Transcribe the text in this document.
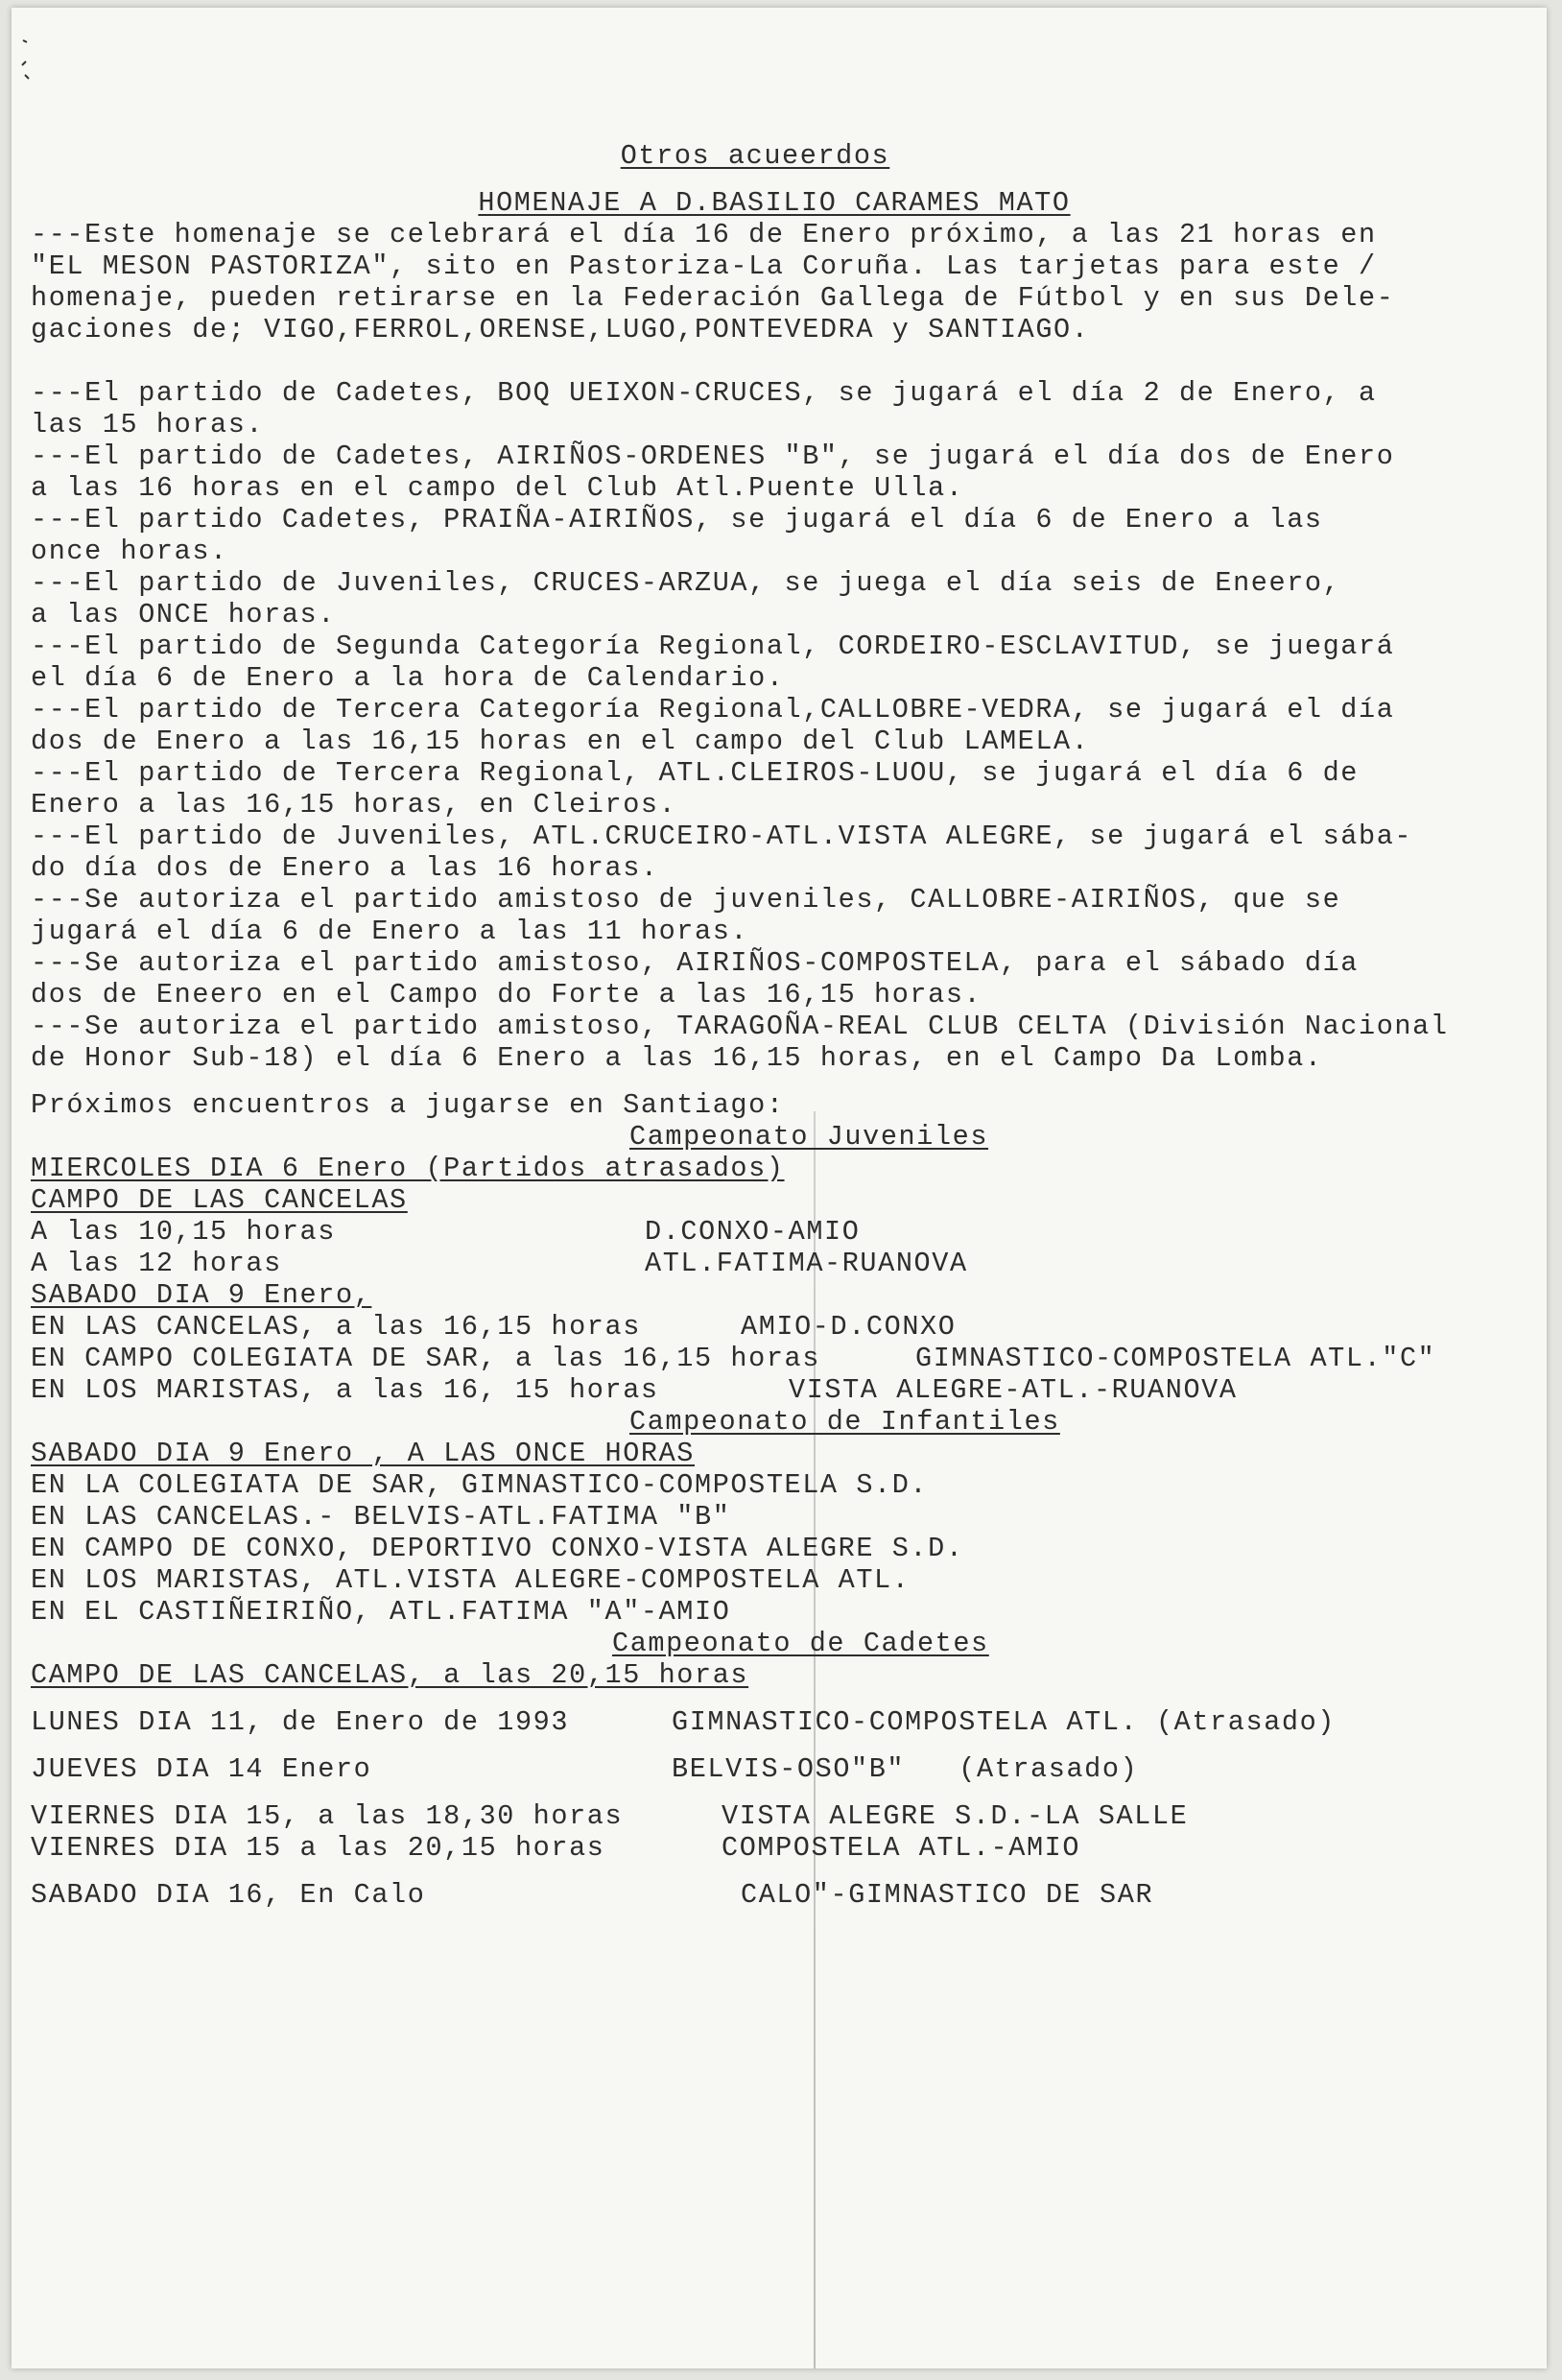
Otros acueerdos
HOMENAJE A D.BASILIO CARAMES MATO
---Este homenaje se celebrará el día 16 de Enero próximo, a las 21 horas en
"EL MESON PASTORIZA", sito en Pastoriza-La Coruña. Las tarjetas para este /
homenaje, pueden retirarse en la Federación Gallega de Fútbol y en sus Dele-
gaciones de; VIGO,FERROL,ORENSE,LUGO,PONTEVEDRA y SANTIAGO.
---El partido de Cadetes, BOQ UEIXON-CRUCES, se jugará el día 2 de Enero, a
las 15 horas.
---El partido de Cadetes, AIRIÑOS-ORDENES "B", se jugará el día dos de Enero
a las 16 horas en el campo del Club Atl.Puente Ulla.
---El partido Cadetes, PRAIÑA-AIRIÑOS, se jugará el día 6 de Enero a las
once horas.
---El partido de Juveniles, CRUCES-ARZUA, se juega el día seis de Eneero,
a las ONCE horas.
---El partido de Segunda Categoría Regional, CORDEIRO-ESCLAVITUD, se juegará
el día 6 de Enero a la hora de Calendario.
---El partido de Tercera Categoría Regional,CALLOBRE-VEDRA, se jugará el día
dos de Enero a las 16,15 horas en el campo del Club LAMELA.
---El partido de Tercera Regional, ATL.CLEIROS-LUOU, se jugará el día 6 de
Enero a las 16,15 horas, en Cleiros.
---El partido de Juveniles, ATL.CRUCEIRO-ATL.VISTA ALEGRE, se jugará el sába-
do día dos de Enero a las 16 horas.
---Se autoriza el partido amistoso de juveniles, CALLOBRE-AIRIÑOS, que se
jugará el día 6 de Enero a las 11 horas.
---Se autoriza el partido amistoso, AIRIÑOS-COMPOSTELA, para el sábado día
dos de Eneero en el Campo do Forte a las 16,15 horas.
---Se autoriza el partido amistoso, TARAGOÑA-REAL CLUB CELTA (División Nacional
de Honor Sub-18) el día 6 Enero a las 16,15 horas, en el Campo Da Lomba.
Próximos encuentros a jugarse en Santiago:
Campeonato Juveniles
MIERCOLES DIA 6 Enero (Partidos atrasados)
CAMPO DE LAS CANCELAS
A las 10,15 horas	D.CONXO-AMIO
A las 12 horas	ATL.FATIMA-RUANOVA
SABADO DIA 9 Enero,
EN LAS CANCELAS, a las 16,15 horas	AMIO-D.CONXO
EN CAMPO COLEGIATA DE SAR, a las 16,15 horas	GIMNASTICO-COMPOSTELA ATL."C"
EN LOS MARISTAS, a las 16, 15 horas	VISTA ALEGRE-ATL.-RUANOVA
Campeonato de Infantiles
SABADO DIA 9 Enero , A LAS ONCE HORAS
EN LA COLEGIATA DE SAR, GIMNASTICO-COMPOSTELA S.D.
EN LAS CANCELAS.- BELVIS-ATL.FATIMA "B"
EN CAMPO DE CONXO, DEPORTIVO CONXO-VISTA ALEGRE S.D.
EN LOS MARISTAS, ATL.VISTA ALEGRE-COMPOSTELA ATL.
EN EL CASTIÑEIRIÑO, ATL.FATIMA "A"-AMIO
Campeonato de Cadetes
CAMPO DE LAS CANCELAS, a las 20,15 horas
LUNES DIA 11, de Enero de 1993	GIMNASTICO-COMPOSTELA ATL. (Atrasado)
JUEVES DIA 14 Enero	BELVIS-OSO"B"   (Atrasado)
VIERNES DIA 15, a las 18,30 horas	VISTA ALEGRE S.D.-LA SALLE
VIENRES DIA 15 a las 20,15 horas	COMPOSTELA ATL.-AMIO
SABADO DIA 16, En Calo	CALO"-GIMNASTICO DE SAR
